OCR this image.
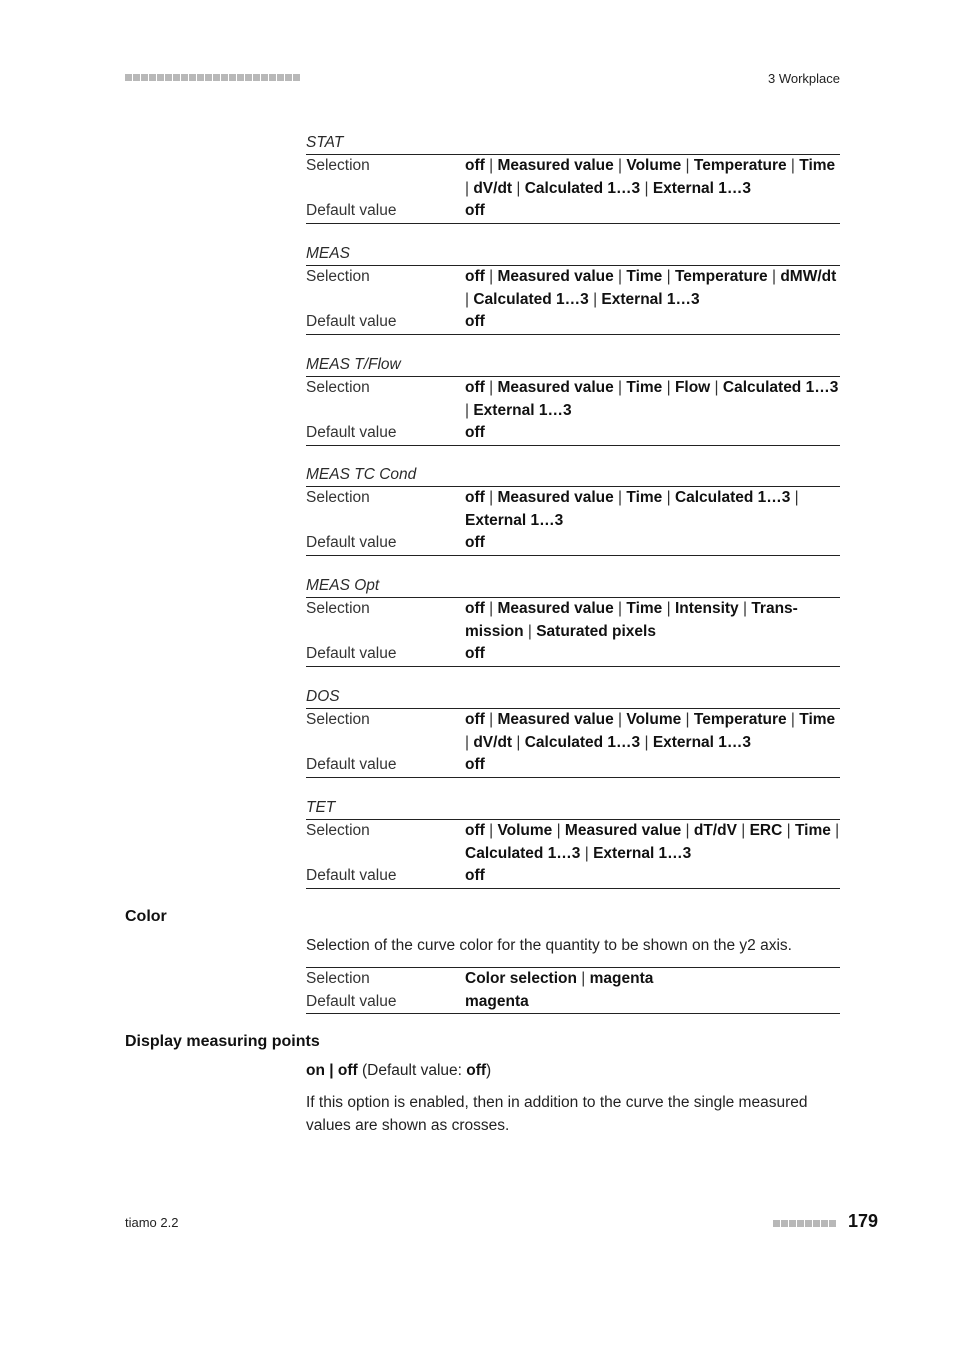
3 Workplace
STAT
Selection	off | Measured value | Volume | Temperature | Time | dV/dt | Calculated 1…3 | External 1…3
Default value	off
MEAS
Selection	off | Measured value | Time | Temperature | dMW/dt | Calculated 1…3 | External 1…3
Default value	off
MEAS T/Flow
Selection	off | Measured value | Time | Flow | Calculated 1…3 | External 1…3
Default value	off
MEAS TC Cond
Selection	off | Measured value | Time | Calculated 1…3 | External 1…3
Default value	off
MEAS Opt
Selection	off | Measured value | Time | Intensity | Trans-mission | Saturated pixels
Default value	off
DOS
Selection	off | Measured value | Volume | Temperature | Time | dV/dt | Calculated 1…3 | External 1…3
Default value	off
TET
Selection	off | Volume | Measured value | dT/dV | ERC | Time | Calculated 1…3 | External 1…3
Default value	off
Color
Selection of the curve color for the quantity to be shown on the y2 axis.
Selection	Color selection | magenta
Default value	magenta
Display measuring points
on | off (Default value: off)
If this option is enabled, then in addition to the curve the single measured values are shown as crosses.
tiamo 2.2	179
